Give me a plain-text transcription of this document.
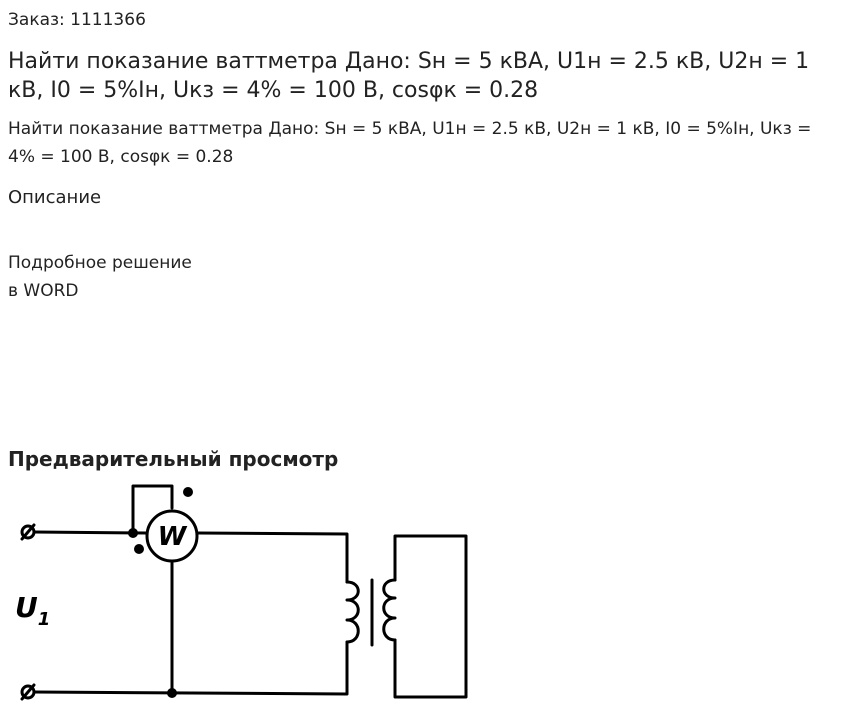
Заказ: 1111366
Найти показание ваттметра Дано: Sн = 5 кВА, U1н = 2.5 кВ, U2н = 1 кВ, I0 = 5%Iн, Uкз = 4% = 100 В, cosφк = 0.28
Найти показание ваттметра Дано: Sн = 5 кВА, U1н = 2.5 кВ, U2н = 1 кВ, I0 = 5%Iн, Uкз = 4% = 100 В, cosφк = 0.28
Описание
Подробное решение
в WORD
Предварительный просмотр
W
$U_1$
